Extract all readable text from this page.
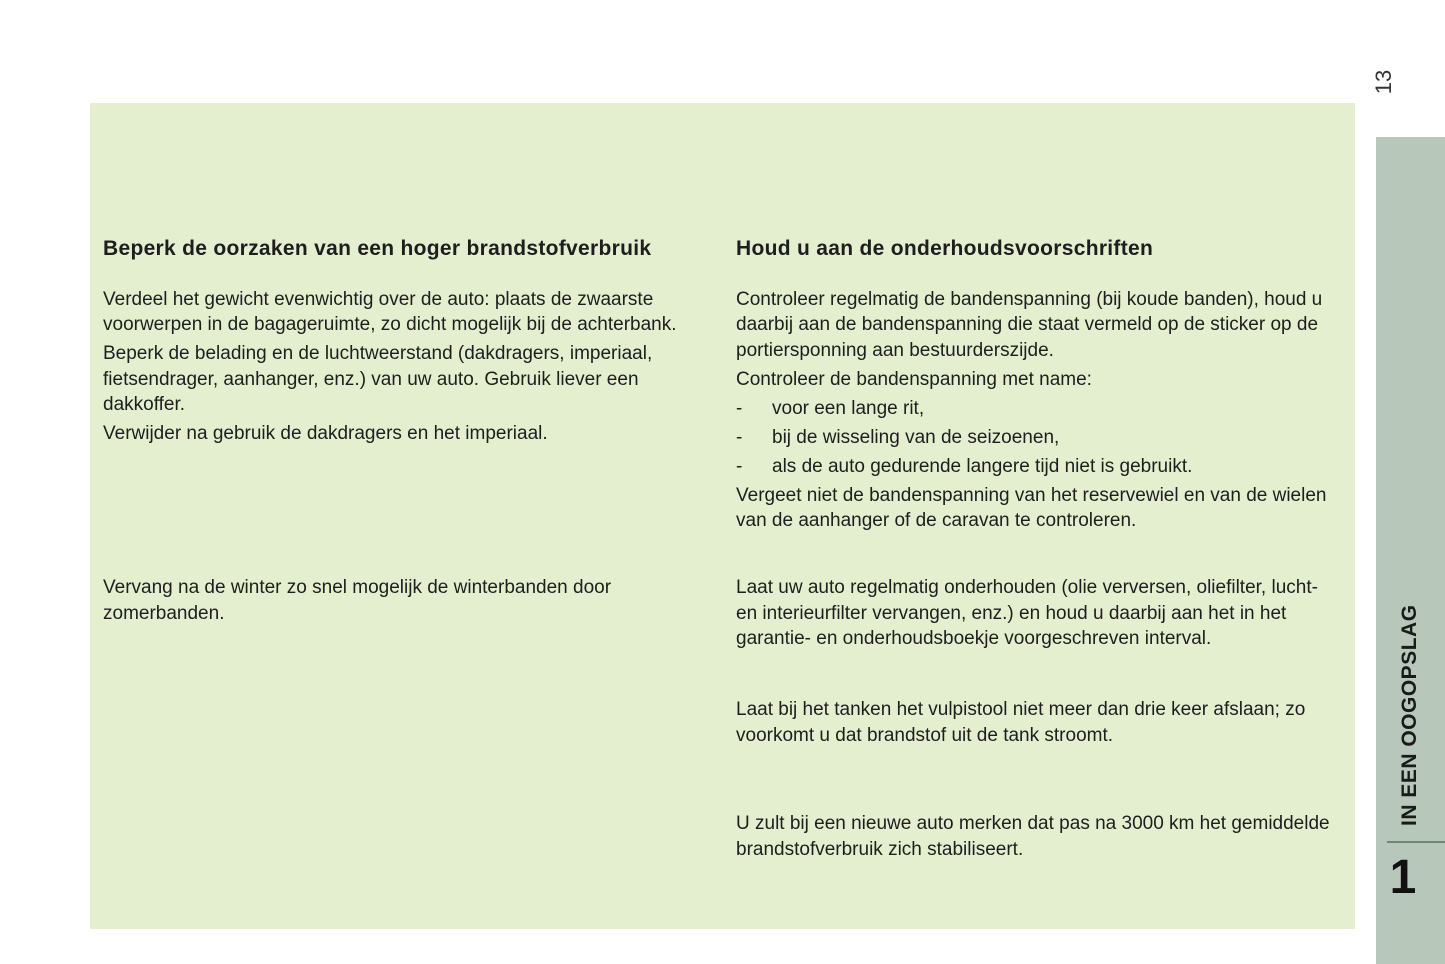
13
IN EEN OOGOPSLAG
1
Beperk de oorzaken van een hoger brandstofverbruik

Verdeel het gewicht evenwichtig over de auto: plaats de zwaarste voorwerpen in de bagageruimte, zo dicht mogelijk bij de achterbank.

Beperk de belading en de luchtweerstand (dakdragers, imperiaal, fietsendrager, aanhanger, enz.) van uw auto. Gebruik liever een dakkoffer.

Verwijder na gebruik de dakdragers en het imperiaal.

Vervang na de winter zo snel mogelijk de winterbanden door zomerbanden.

Houd u aan de onderhoudsvoorschriften

Controleer regelmatig de bandenspanning (bij koude banden), houd u daarbij aan de bandenspanning die staat vermeld op de sticker op de portiersponning aan bestuurderszijde.

Controleer de bandenspanning met name:

- voor een lange rit,
- bij de wisseling van de seizoenen,
- als de auto gedurende langere tijd niet is gebruikt.

Vergeet niet de bandenspanning van het reservewiel en van de wielen van de aanhanger of de caravan te controleren.

Laat uw auto regelmatig onderhouden (olie verversen, oliefilter, lucht- en interieurfilter vervangen, enz.) en houd u daarbij aan het in het garantie- en onderhoudsboekje voorgeschreven interval.

Laat bij het tanken het vulpistool niet meer dan drie keer afslaan; zo voorkomt u dat brandstof uit de tank stroomt.

U zult bij een nieuwe auto merken dat pas na 3000 km het gemiddelde brandstofverbruik zich stabiliseert.
